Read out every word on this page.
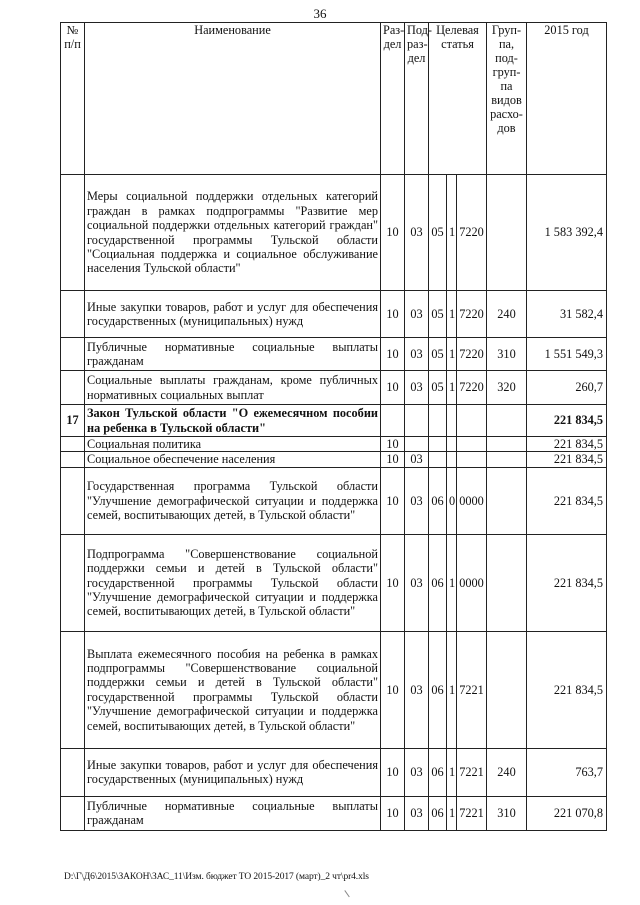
36
№ п/п	Наименование	Раз-дел	Под-раз-дел	Целевая статья			Груп-па, под-груп-па видов расхо-дов	2015 год
	Меры социальной поддержки отдельных категорий граждан в рамках подпрограммы "Развитие мер социальной поддержки отдельных категорий граждан" государственной программы Тульской области "Социальная поддержка и социальное обслуживание населения Тульской области"	10	03	05	1	7220		1 583 392,4
	Иные закупки товаров, работ и услуг для обеспечения государственных (муниципальных) нужд	10	03	05	1	7220	240	31 582,4
	Публичные нормативные социальные выплаты гражданам	10	03	05	1	7220	310	1 551 549,3
	Социальные выплаты гражданам, кроме публичных нормативных социальных выплат	10	03	05	1	7220	320	260,7
17	Закон Тульской области "О ежемесячном пособии на ребенка в Тульской области"							221 834,5
	Социальная политика	10						221 834,5
	Социальное обеспечение населения	10	03					221 834,5
	Государственная программа Тульской области "Улучшение демографической ситуации и поддержка семей, воспитывающих детей, в Тульской области"	10	03	06	0	0000		221 834,5
	Подпрограмма "Совершенствование социальной поддержки семьи и детей в Тульской области" государственной программы Тульской области "Улучшение демографической ситуации и поддержка семей, воспитывающих детей, в Тульской области"	10	03	06	1	0000		221 834,5
	Выплата ежемесячного пособия на ребенка в рамках подпрограммы "Совершенствование социальной поддержки семьи и детей в Тульской области" государственной программы Тульской области "Улучшение демографической ситуации и поддержка семей, воспитывающих детей, в Тульской области"	10	03	06	1	7221		221 834,5
	Иные закупки товаров, работ и услуг для обеспечения государственных (муниципальных) нужд	10	03	06	1	7221	240	763,7
	Публичные нормативные социальные выплаты гражданам	10	03	06	1	7221	310	221 070,8
D:\Г\Д6\2015\ЗАКОН\ЗАС_11\Изм. бюджет ТО 2015-2017 (март)_2 чт\pr4.xls
